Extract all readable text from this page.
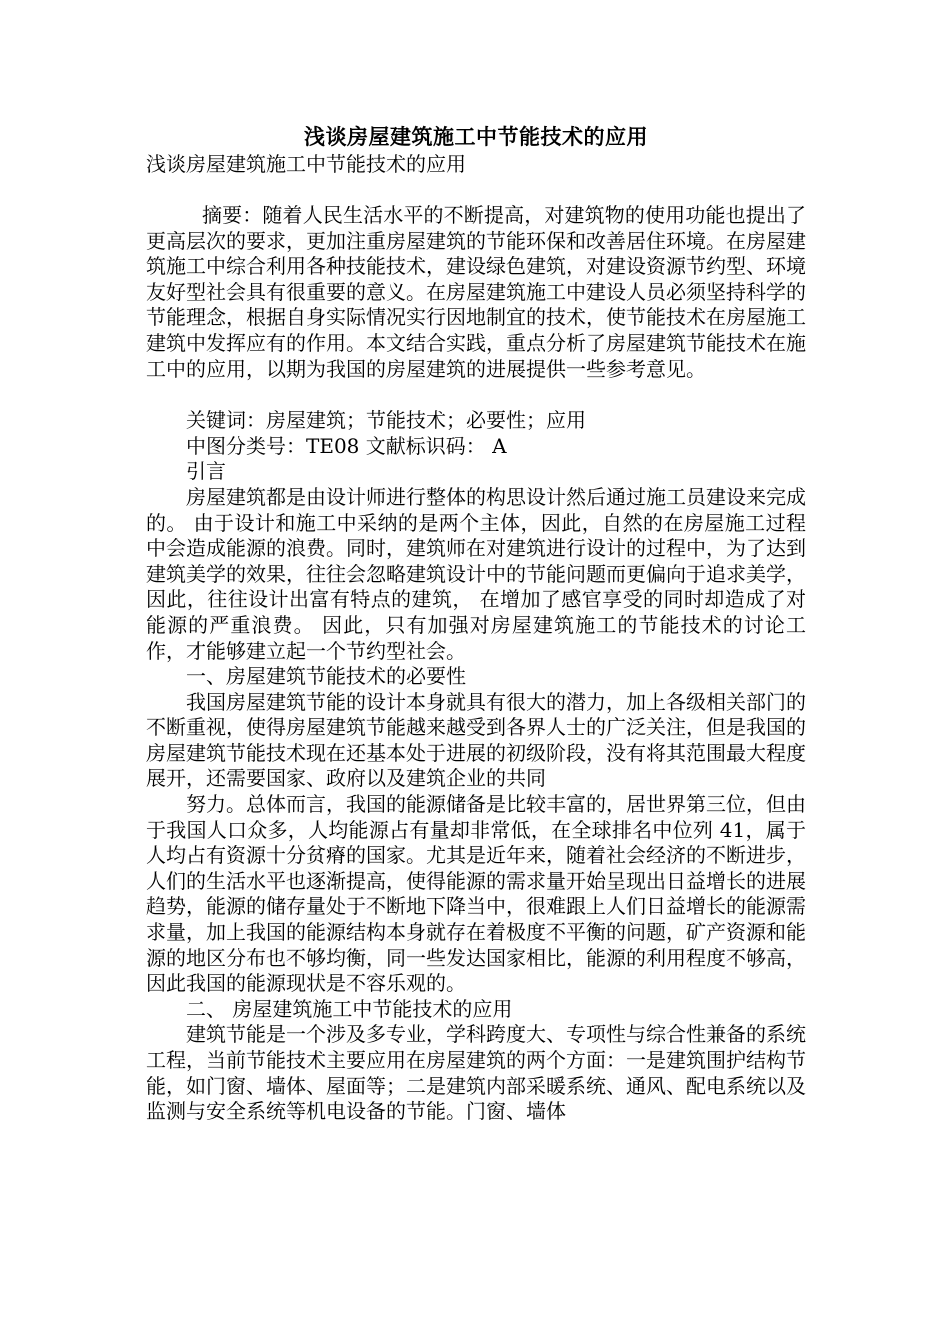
浅谈房屋建筑施工中节能技术的应用
浅谈房屋建筑施工中节能技术的应用

摘要：随着人民生活水平的不断提高，对建筑物的使用功能也提出了更高层次的要求，更加注重房屋建筑的节能环保和改善居住环境。在房屋建筑施工中综合利用各种技能技术，建设绿色建筑，对建设资源节约型、环境友好型社会具有很重要的意义。在房屋建筑施工中建设人员必须坚持科学的节能理念，根据自身实际情况实行因地制宜的技术，使节能技术在房屋施工建筑中发挥应有的作用。本文结合实践，重点分析了房屋建筑节能技术在施工中的应用，以期为我国的房屋建筑的进展提供一些参考意见。

关键词：房屋建筑；节能技术；必要性；应用
中图分类号：TE08 文献标识码： A
引言

房屋建筑都是由设计师进行整体的构思设计然后通过施工员建设来完成的。 由于设计和施工中采纳的是两个主体，因此，自然的在房屋施工过程中会造成能源的浪费。同时，建筑师在对建筑进行设计的过程中，为了达到建筑美学的效果，往往会忽略建筑设计中的节能问题而更偏向于追求美学，因此，往往设计出富有特点的建筑， 在增加了感官享受的同时却造成了对能源的严重浪费。 因此，只有加强对房屋建筑施工的节能技术的讨论工作，才能够建立起一个节约型社会。

一、房屋建筑节能技术的必要性

我国房屋建筑节能的设计本身就具有很大的潜力，加上各级相关部门的不断重视，使得房屋建筑节能越来越受到各界人士的广泛关注，但是我国的房屋建筑节能技术现在还基本处于进展的初级阶段，没有将其范围最大程度展开，还需要国家、政府以及建筑企业的共同

努力。总体而言，我国的能源储备是比较丰富的，居世界第三位，但由于我国人口众多，人均能源占有量却非常低，在全球排名中位列 41，属于人均占有资源十分贫瘠的国家。尤其是近年来，随着社会经济的不断进步，人们的生活水平也逐渐提高，使得能源的需求量开始呈现出日益增长的进展趋势，能源的储存量处于不断地下降当中，很难跟上人们日益增长的能源需求量，加上我国的能源结构本身就存在着极度不平衡的问题，矿产资源和能源的地区分布也不够均衡，同一些发达国家相比，能源的利用程度不够高，因此我国的能源现状是不容乐观的。

二、 房屋建筑施工中节能技术的应用

建筑节能是一个涉及多专业，学科跨度大、专项性与综合性兼备的系统工程，当前节能技术主要应用在房屋建筑的两个方面：一是建筑围护结构节能，如门窗、墙体、屋面等；二是建筑内部采暖系统、通风、配电系统以及监测与安全系统等机电设备的节能。门窗、墙体
